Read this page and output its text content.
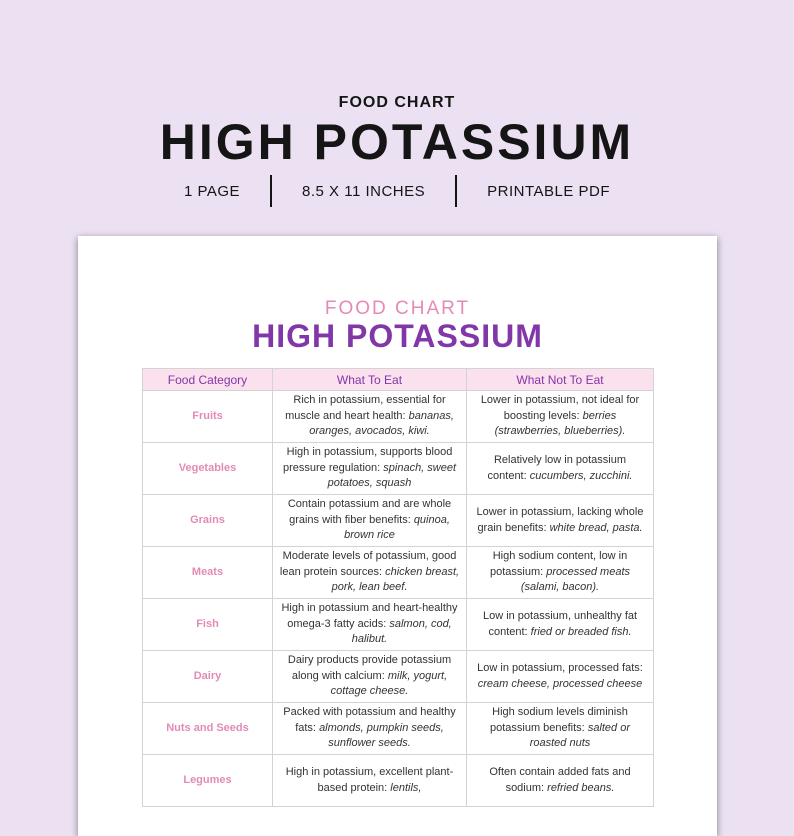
FOOD CHART
HIGH POTASSIUM
1 PAGE	8.5 X 11 INCHES	PRINTABLE PDF
FOOD CHART
HIGH POTASSIUM
Food Category	What To Eat	What Not To Eat
Fruits	Rich in potassium, essential for muscle and heart health: bananas, oranges, avocados, kiwi.	Lower in potassium, not ideal for boosting levels: berries (strawberries, blueberries).
Vegetables	High in potassium, supports blood pressure regulation: spinach, sweet potatoes, squash	Relatively low in potassium content: cucumbers, zucchini.
Grains	Contain potassium and are whole grains with fiber benefits: quinoa, brown rice	Lower in potassium, lacking whole grain benefits: white bread, pasta.
Meats	Moderate levels of potassium, good lean protein sources: chicken breast, pork, lean beef.	High sodium content, low in potassium: processed meats (salami, bacon).
Fish	High in potassium and heart-healthy omega-3 fatty acids: salmon, cod, halibut.	Low in potassium, unhealthy fat content: fried or breaded fish.
Dairy	Dairy products provide potassium along with calcium: milk, yogurt, cottage cheese.	Low in potassium, processed fats: cream cheese, processed cheese
Nuts and Seeds	Packed with potassium and healthy fats: almonds, pumpkin seeds, sunflower seeds.	High sodium levels diminish potassium benefits: salted or roasted nuts
Legumes	High in potassium, excellent plant-based protein: lentils,	Often contain added fats and sodium: refried beans.
